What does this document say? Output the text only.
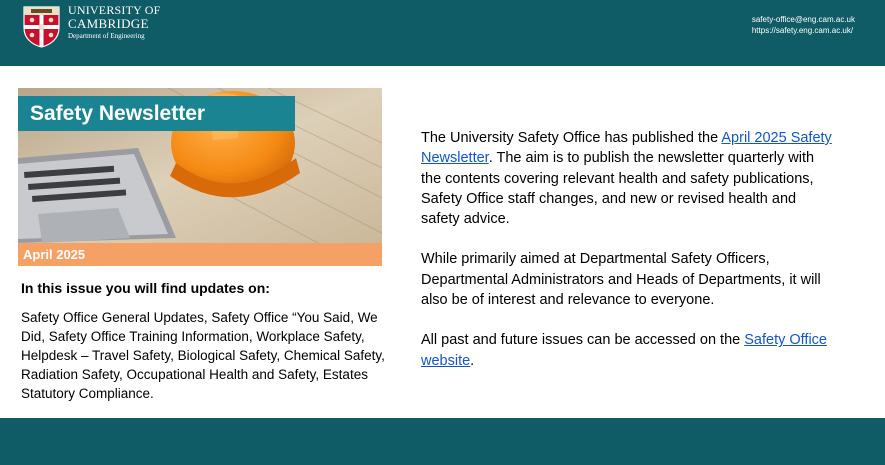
UNIVERSITY OF
CAMBRIDGE
Department of Engineering
safety-office@eng.cam.ac.uk
https://safety.eng.cam.ac.uk/
Safety Newsletter
April 2025
In this issue you will find updates on:
Safety Office General Updates, Safety Office “You Said, We Did, Safety Office Training Information, Workplace Safety, Helpdesk – Travel Safety, Biological Safety, Chemical Safety, Radiation Safety, Occupational Health and Safety, Estates Statutory Compliance.

The University Safety Office has published the April 2025 Safety Newsletter. The aim is to publish the newsletter quarterly with the contents covering relevant health and safety publications, Safety Office staff changes, and new or revised health and safety advice.

While primarily aimed at Departmental Safety Officers, Departmental Administrators and Heads of Departments, it will also be of interest and relevance to everyone.

All past and future issues can be accessed on the Safety Office website.
